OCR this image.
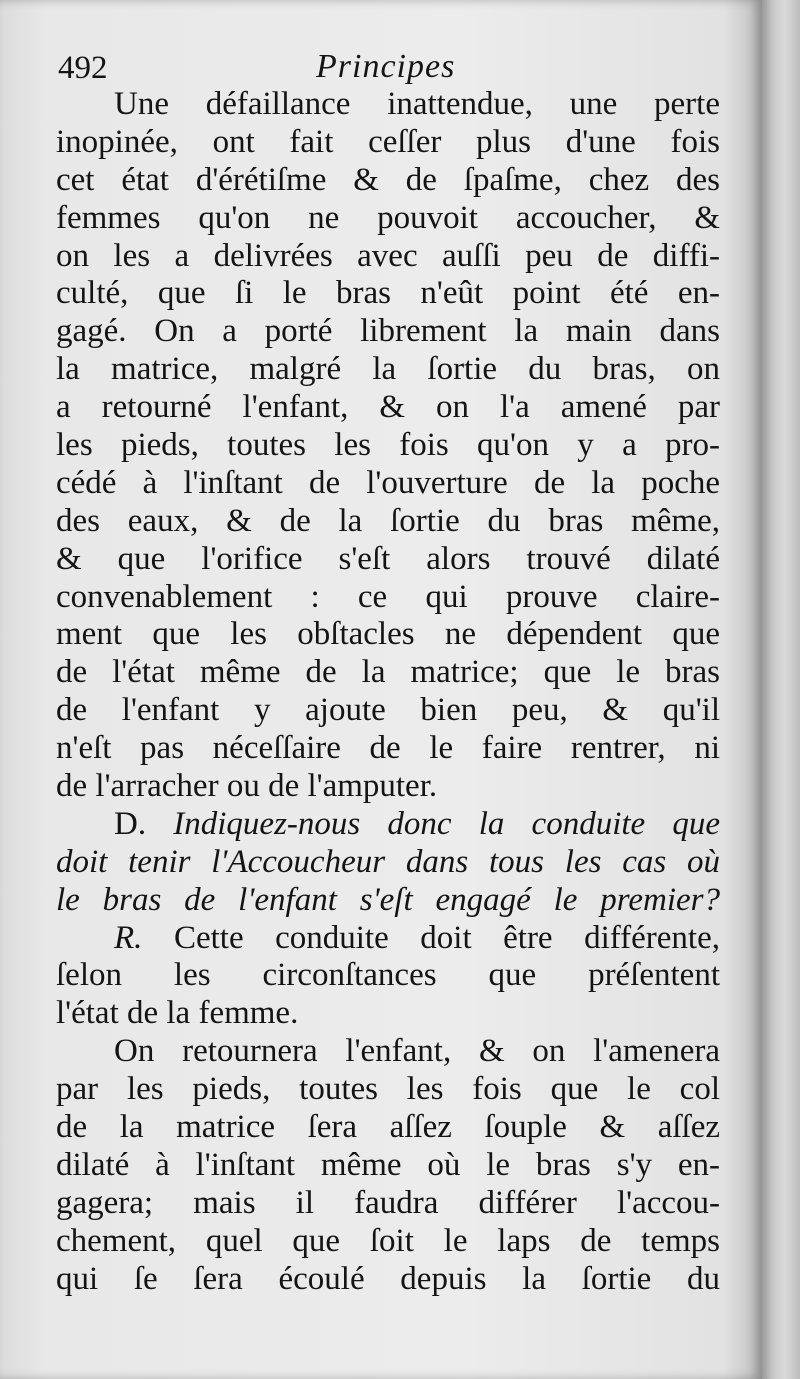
492	Principes
Une défaillance inattendue, une perte
inopinée, ont fait ceſſer plus d'une fois
cet état d'érétiſme & de ſpaſme, chez des
femmes qu'on ne pouvoit accoucher, &
on les a delivrées avec auſſi peu de diffi-
culté, que ſi le bras n'eût point été en-
gagé. On a porté librement la main dans
la matrice, malgré la ſortie du bras, on
a retourné l'enfant, & on l'a amené par
les pieds, toutes les fois qu'on y a pro-
cédé à l'inſtant de l'ouverture de la poche
des eaux, & de la ſortie du bras même,
& que l'orifice s'eſt alors trouvé dilaté
convenablement : ce qui prouve claire-
ment que les obſtacles ne dépendent que
de l'état même de la matrice; que le bras
de l'enfant y ajoute bien peu, & qu'il
n'eſt pas néceſſaire de le faire rentrer, ni
de l'arracher ou de l'amputer.
D. Indiquez-nous donc la conduite que
doit tenir l'Accoucheur dans tous les cas où
le bras de l'enfant s'eſt engagé le premier?
R. Cette conduite doit être différente,
ſelon les circonſtances que préſentent
l'état de la femme.
On retournera l'enfant, & on l'amenera
par les pieds, toutes les fois que le col
de la matrice ſera aſſez ſouple & aſſez
dilaté à l'inſtant même où le bras s'y en-
gagera; mais il faudra différer l'accou-
chement, quel que ſoit le laps de temps
qui ſe ſera écoulé depuis la ſortie du
